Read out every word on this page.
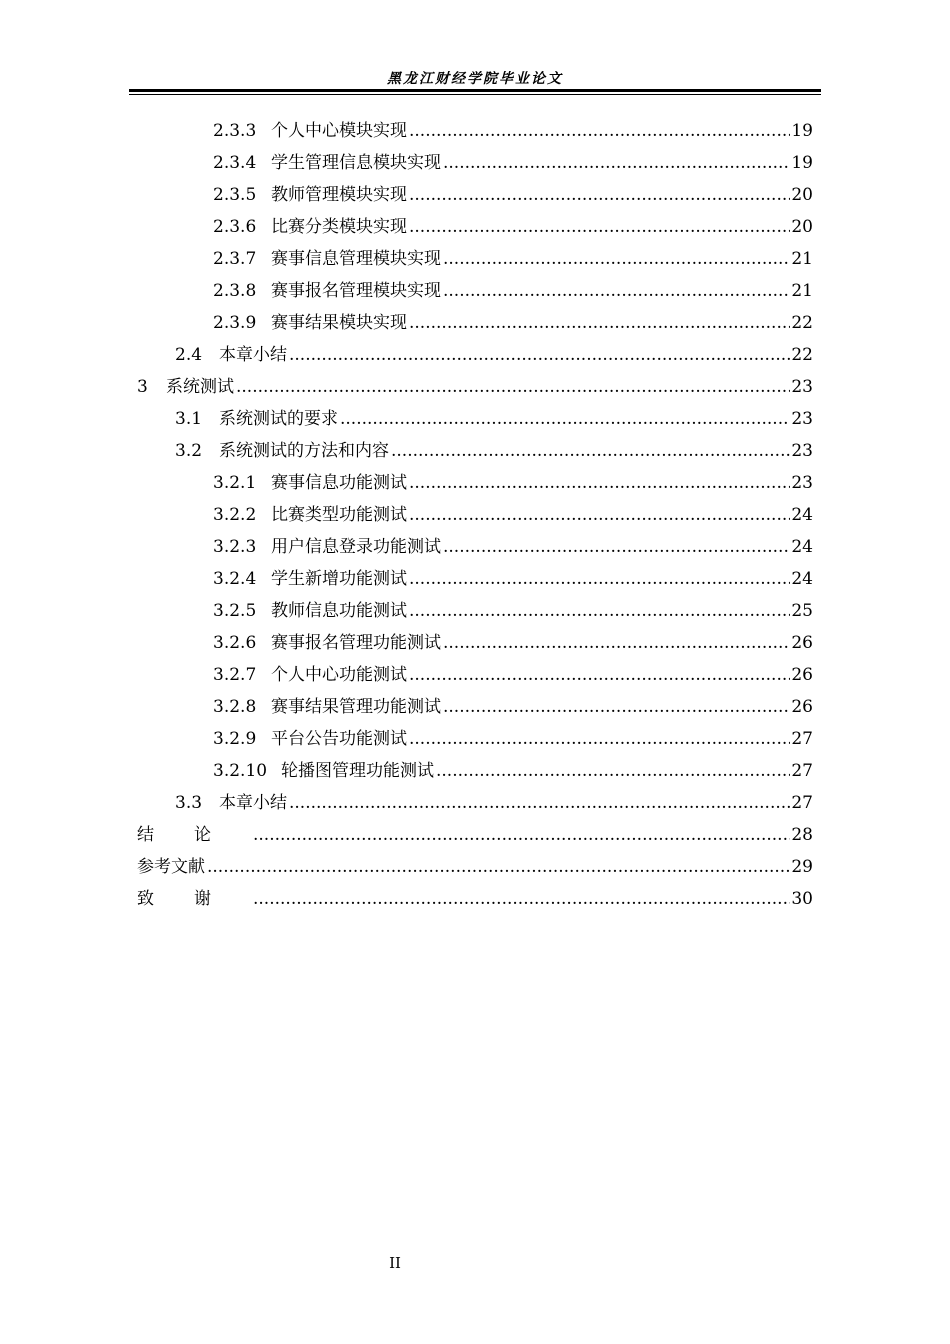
黑龙江财经学院毕业论文
2.3.3 个人中心模块实现 .....	19
2.3.4 学生管理信息模块实现 .....	19
2.3.5 教师管理模块实现 .....	20
2.3.6 比赛分类模块实现 .....	20
2.3.7 赛事信息管理模块实现 .....	21
2.3.8 赛事报名管理模块实现 .....	21
2.3.9 赛事结果模块实现 .....	22
2.4 本章小结 .....	22
3	系统测试 .....	23
3.1 系统测试的要求 .....	23
3.2 系统测试的方法和内容 .....	23
3.2.1 赛事信息功能测试 .....	23
3.2.2 比赛类型功能测试 .....	24
3.2.3 用户信息登录功能测试 .....	24
3.2.4 学生新增功能测试 .....	24
3.2.5 教师信息功能测试 .....	25
3.2.6 赛事报名管理功能测试 .....	26
3.2.7 个人中心功能测试 .....	26
3.2.8 赛事结果管理功能测试 .....	26
3.2.9 平台公告功能测试 .....	27
3.2.10 轮播图管理功能测试 .....	27
3.3 本章小结 .....	27
结论 .....	28
参考文献 .....	29
致谢 .....	30
II
